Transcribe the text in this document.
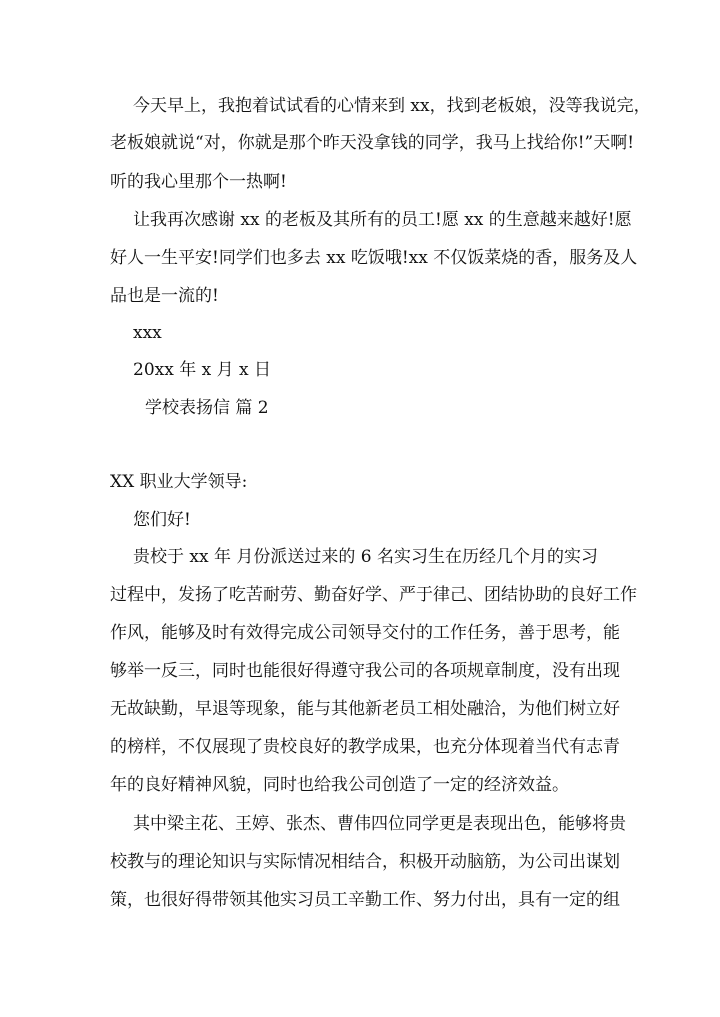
今天早上，我抱着试试看的心情来到 xx，找到老板娘，没等我说完，
老板娘就说“对，你就是那个昨天没拿钱的同学，我马上找给你!”天啊!
听的我心里那个一热啊!
让我再次感谢 xx 的老板及其所有的员工!愿 xx 的生意越来越好!愿
好人一生平安!同学们也多去 xx 吃饭哦!xx 不仅饭菜烧的香，服务及人
品也是一流的!
xxx
20xx 年 x 月 x 日
学校表扬信 篇 2
XX 职业大学领导:
您们好!
贵校于 xx 年 月份派送过来的 6 名实习生在历经几个月的实习
过程中，发扬了吃苦耐劳、勤奋好学、严于律己、团结协助的良好工作
作风，能够及时有效得完成公司领导交付的工作任务，善于思考，能
够举一反三，同时也能很好得遵守我公司的各项规章制度，没有出现
无故缺勤，早退等现象，能与其他新老员工相处融洽，为他们树立好
的榜样，不仅展现了贵校良好的教学成果，也充分体现着当代有志青
年的良好精神风貌，同时也给我公司创造了一定的经济效益。
其中梁主花、王婷、张杰、曹伟四位同学更是表现出色，能够将贵
校教与的理论知识与实际情况相结合，积极开动脑筋，为公司出谋划
策，也很好得带领其他实习员工辛勤工作、努力付出，具有一定的组
